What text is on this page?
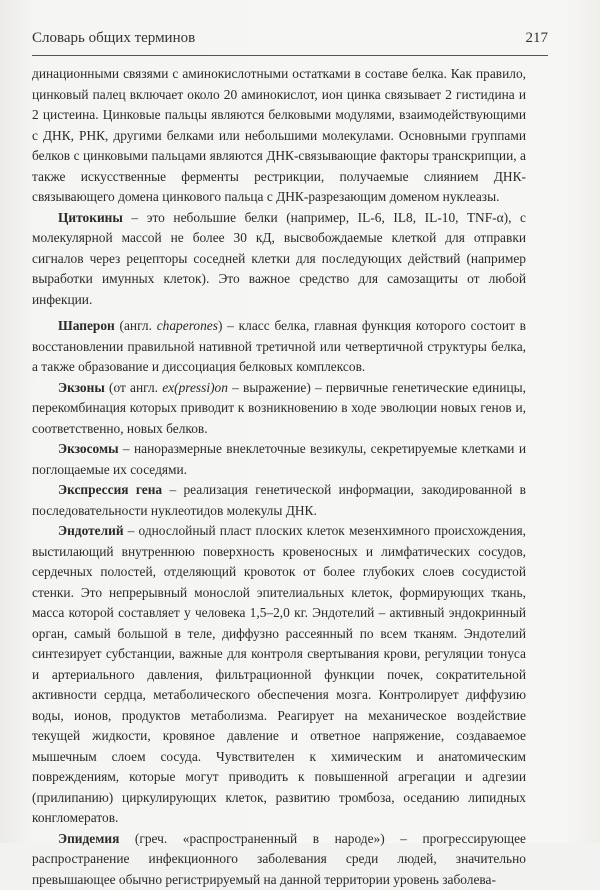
Словарь общих терминов	217

динационными связями с аминокислотными остатками в составе белка. Как правило, цинковый палец включает около 20 аминокислот, ион цинка связывает 2 гистидина и 2 цистеина. Цинковые пальцы являются белковыми модулями, взаимодействующими с ДНК, РНК, другими белками или небольшими молекулами. Основными группами белков с цинковыми пальцами являются ДНК-связывающие факторы транскрипции, а также искусственные ферменты рестрикции, получаемые слиянием ДНК-связывающего домена цинкового пальца с ДНК-разрезающим доменом нуклеазы.

Цитокины – это небольшие белки (например, IL-6, IL8, IL-10, TNF-α), с молекулярной массой не более 30 кД, высвобождаемые клеткой для отправки сигналов через рецепторы соседней клетки для последующих действий (например выработки имунных клеток). Это важное средство для самозащиты от любой инфекции.

Шаперон (англ. chaperones) – класс белка, главная функция которого состоит в восстановлении правильной нативной третичной или четвертичной структуры белка, а также образование и диссоциация белковых комплексов.

Экзоны (от англ. ex(pressi)on – выражение) – первичные генетические единицы, перекомбинация которых приводит к возникновению в ходе эволюции новых генов и, соответственно, новых белков.

Экзосомы – наноразмерные внеклеточные везикулы, секретируемые клетками и поглощаемые их соседями.

Экспрессия гена – реализация генетической информации, закодированной в последовательности нуклеотидов молекулы ДНК.

Эндотелий – однослойный пласт плоских клеток мезенхимного происхождения, выстилающий внутреннюю поверхность кровеносных и лимфатических сосудов, сердечных полостей, отделяющий кровоток от более глубоких слоев сосудистой стенки. Это непрерывный монослой эпителиальных клеток, формирующих ткань, масса которой составляет у человека 1,5–2,0 кг. Эндотелий – активный эндокринный орган, самый большой в теле, диффузно рассеянный по всем тканям. Эндотелий синтезирует субстанции, важные для контроля свертывания крови, регуляции тонуса и артериального давления, фильтрационной функции почек, сократительной активности сердца, метаболического обеспечения мозга. Контролирует диффузию воды, ионов, продуктов метаболизма. Реагирует на механическое воздействие текущей жидкости, кровяное давление и ответное напряжение, создаваемое мышечным слоем сосуда. Чувствителен к химическим и анатомическим повреждениям, которые могут приводить к повышенной агрегации и адгезии (прилипанию) циркулирующих клеток, развитию тромбоза, оседанию липидных конгломератов.

Эпидемия (греч. «распространенный в народе») – прогрессирующее распространение инфекционного заболевания среди людей, значительно превышающее обычно регистрируемый на данной территории уровень заболева-
